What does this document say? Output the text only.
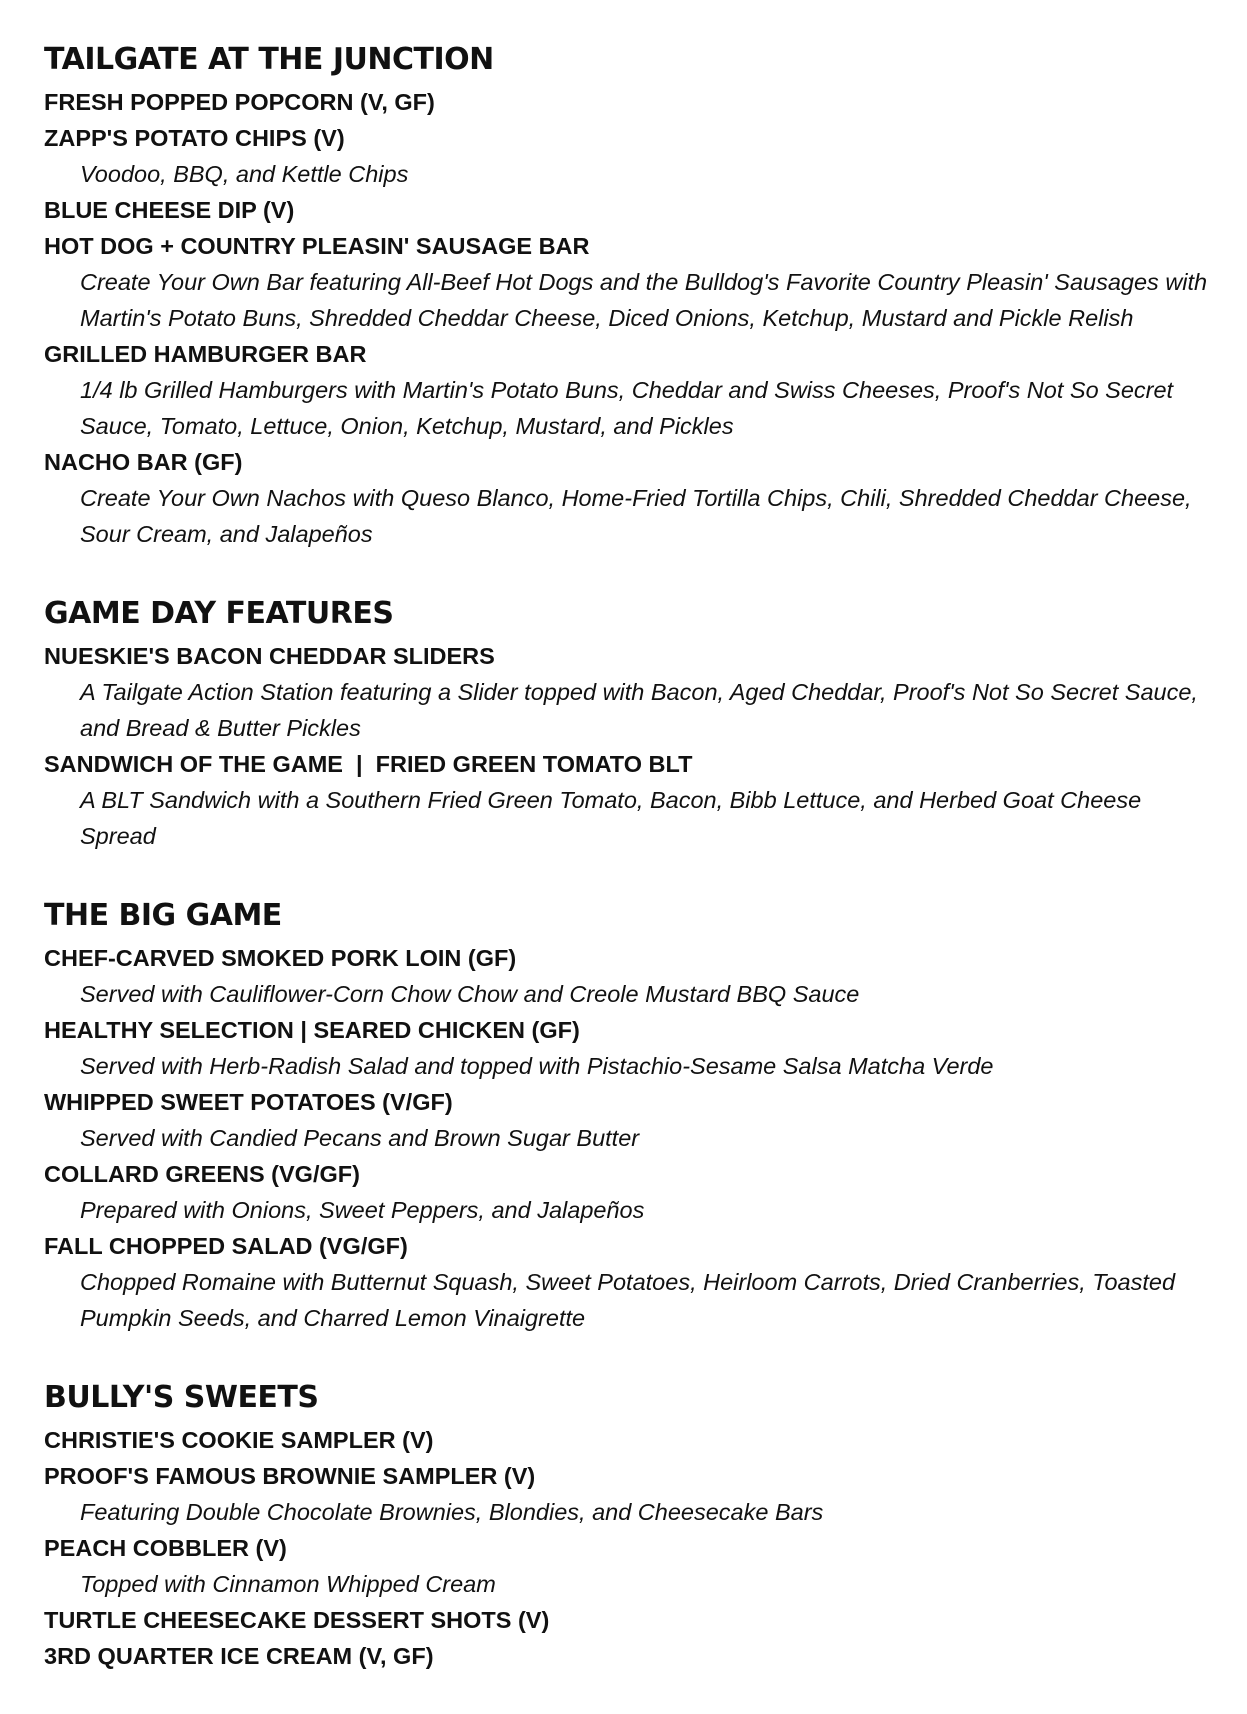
TAILGATE AT THE JUNCTION
FRESH POPPED POPCORN (V, GF)
ZAPP'S POTATO CHIPS (V)
Voodoo, BBQ, and Kettle Chips
BLUE CHEESE DIP (V)
HOT DOG + COUNTRY PLEASIN' SAUSAGE BAR
Create Your Own Bar featuring All-Beef Hot Dogs and the Bulldog's Favorite Country Pleasin' Sausages with Martin's Potato Buns, Shredded Cheddar Cheese, Diced Onions, Ketchup, Mustard and Pickle Relish
GRILLED HAMBURGER BAR
1/4 lb Grilled Hamburgers with Martin's Potato Buns, Cheddar and Swiss Cheeses, Proof's Not So Secret Sauce, Tomato, Lettuce, Onion, Ketchup, Mustard, and Pickles
NACHO BAR (GF)
Create Your Own Nachos with Queso Blanco, Home-Fried Tortilla Chips, Chili, Shredded Cheddar Cheese, Sour Cream, and Jalapeños
GAME DAY FEATURES
NUESKIE'S BACON CHEDDAR SLIDERS
A Tailgate Action Station featuring a Slider topped with Bacon, Aged Cheddar, Proof's Not So Secret Sauce, and Bread & Butter Pickles
SANDWICH OF THE GAME  |  FRIED GREEN TOMATO BLT
A BLT Sandwich with a Southern Fried Green Tomato, Bacon, Bibb Lettuce, and Herbed Goat Cheese Spread
THE BIG GAME
CHEF-CARVED SMOKED PORK LOIN (GF)
Served with Cauliflower-Corn Chow Chow and Creole Mustard BBQ Sauce
HEALTHY SELECTION | SEARED CHICKEN (GF)
Served with Herb-Radish Salad and topped with Pistachio-Sesame Salsa Matcha Verde
WHIPPED SWEET POTATOES (V/GF)
Served with Candied Pecans and Brown Sugar Butter
COLLARD GREENS (VG/GF)
Prepared with Onions, Sweet Peppers, and Jalapeños
FALL CHOPPED SALAD (VG/GF)
Chopped Romaine with Butternut Squash, Sweet Potatoes, Heirloom Carrots, Dried Cranberries, Toasted Pumpkin Seeds, and Charred Lemon Vinaigrette
BULLY'S SWEETS
CHRISTIE'S COOKIE SAMPLER (V)
PROOF'S FAMOUS BROWNIE SAMPLER (V)
Featuring Double Chocolate Brownies, Blondies, and Cheesecake Bars
PEACH COBBLER (V)
Topped with Cinnamon Whipped Cream
TURTLE CHEESECAKE DESSERT SHOTS (V)
3RD QUARTER ICE CREAM (V, GF)
